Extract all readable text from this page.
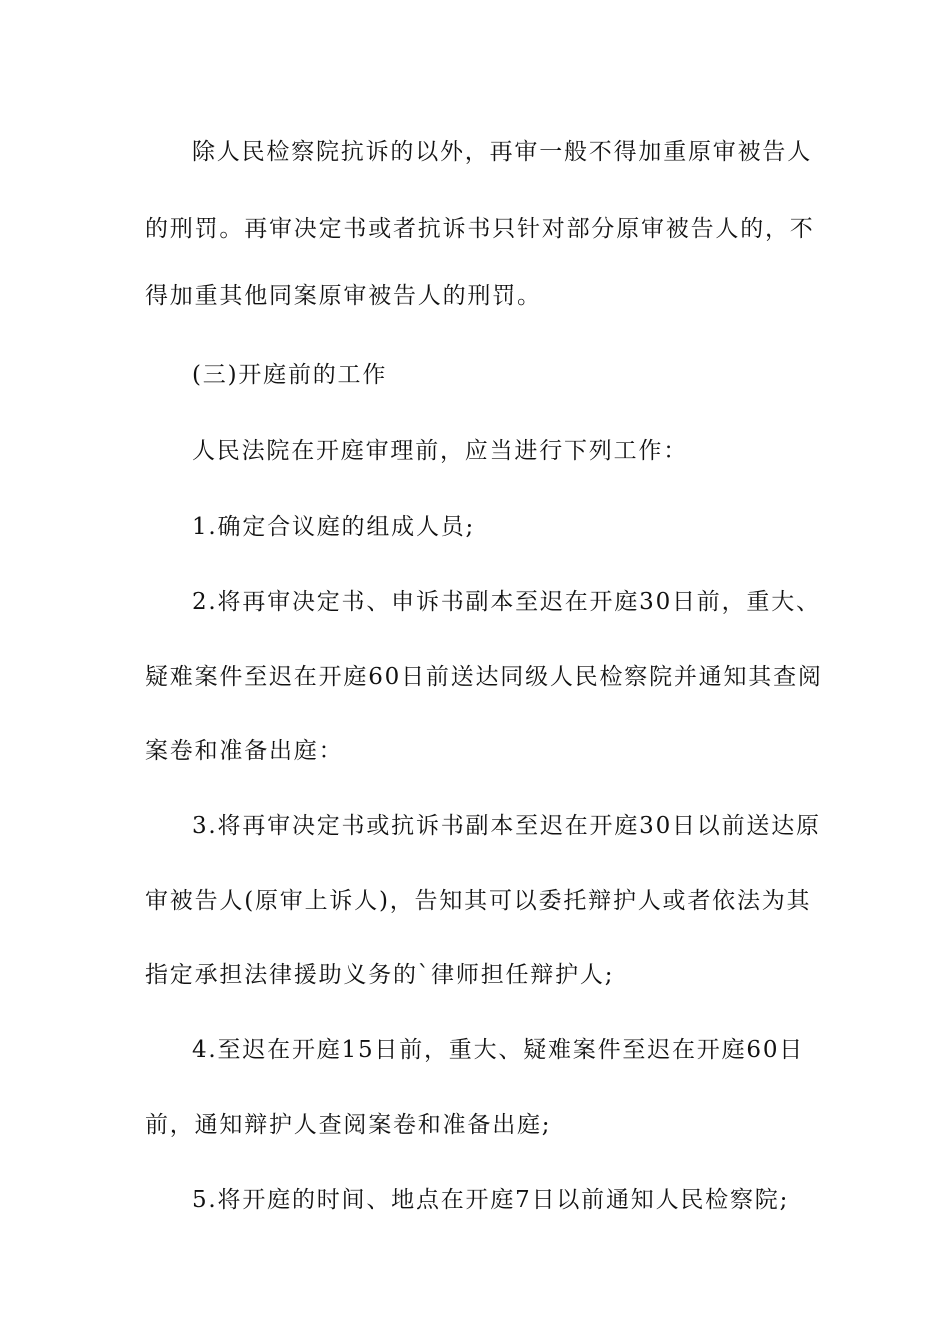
除人民检察院抗诉的以外，再审一般不得加重原审被告人
的刑罚。再审决定书或者抗诉书只针对部分原审被告人的，不
得加重其他同案原审被告人的刑罚。
(三)开庭前的工作
人民法院在开庭审理前，应当进行下列工作：
1.确定合议庭的组成人员;
2.将再审决定书、申诉书副本至迟在开庭30日前，重大、
疑难案件至迟在开庭60日前送达同级人民检察院并通知其查阅
案卷和准备出庭：
3.将再审决定书或抗诉书副本至迟在开庭30日以前送达原
审被告人(原审上诉人)，告知其可以委托辩护人或者依法为其
指定承担法律援助义务的`律师担任辩护人;
4.至迟在开庭15日前，重大、疑难案件至迟在开庭60日
前，通知辩护人查阅案卷和准备出庭;
5.将开庭的时间、地点在开庭7日以前通知人民检察院;
